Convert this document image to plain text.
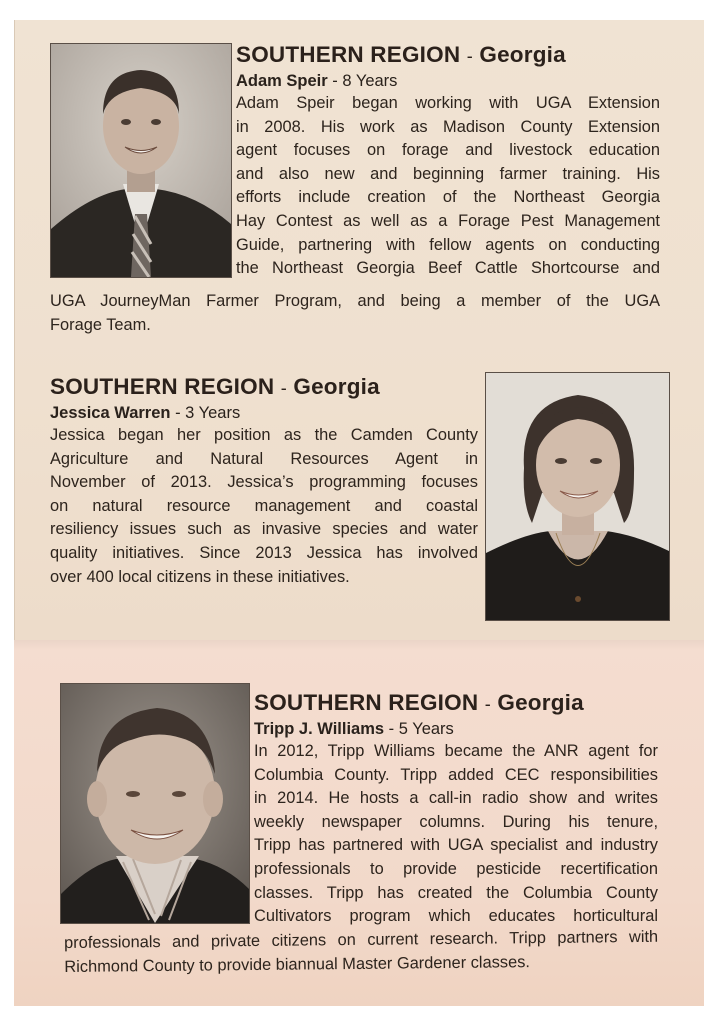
SOUTHERN REGION - Georgia
Adam Speir - 8 Years
Adam Speir began working with UGA Extension
in 2008. His work as Madison County Extension
agent focuses on forage and livestock education
and also new and beginning farmer training. His
efforts include creation of the Northeast Georgia
Hay Contest as well as a Forage Pest Management
Guide, partnering with fellow agents on conducting
the Northeast Georgia Beef Cattle Shortcourse and
UGA JourneyMan Farmer Program, and being a member of the UGA
Forage Team.
SOUTHERN REGION - Georgia
Jessica Warren - 3 Years
Jessica began her position as the Camden County
Agriculture and Natural Resources Agent in
November of 2013. Jessica’s programming focuses
on natural resource management and coastal
resiliency issues such as invasive species and water
quality initiatives. Since 2013 Jessica has involved
over 400 local citizens in these initiatives.
SOUTHERN REGION - Georgia
Tripp J. Williams - 5 Years
In 2012, Tripp Williams became the ANR agent for
Columbia County. Tripp added CEC responsibilities
in 2014. He hosts a call-in radio show and writes
weekly newspaper columns. During his tenure,
Tripp has partnered with UGA specialist and industry
professionals to provide pesticide recertification
classes. Tripp has created the Columbia County
Cultivators program which educates horticultural
professionals and private citizens on current research. Tripp partners with
Richmond County to provide biannual Master Gardener classes.
